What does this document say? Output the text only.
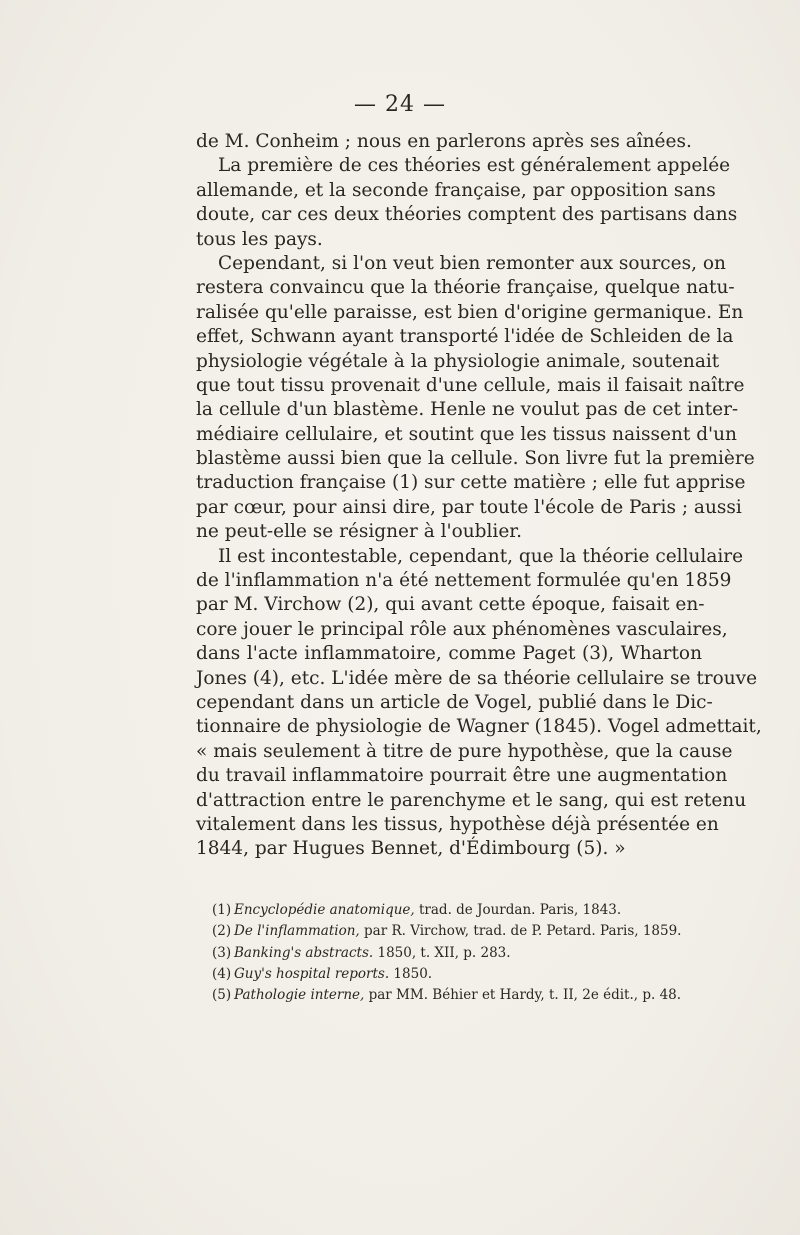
— 24 —
de M. Conheim ; nous en parlerons après ses aînées.
La première de ces théories est généralement appelée
allemande, et la seconde française, par opposition sans
doute, car ces deux théories comptent des partisans dans
tous les pays.
Cependant, si l'on veut bien remonter aux sources, on
restera convaincu que la théorie française, quelque natu-
ralisée qu'elle paraisse, est bien d'origine germanique. En
effet, Schwann ayant transporté l'idée de Schleiden de la
physiologie végétale à la physiologie animale, soutenait
que tout tissu provenait d'une cellule, mais il faisait naître
la cellule d'un blastème. Henle ne voulut pas de cet inter-
médiaire cellulaire, et soutint que les tissus naissent d'un
blastème aussi bien que la cellule. Son livre fut la première
traduction française (1) sur cette matière ; elle fut apprise
par cœur, pour ainsi dire, par toute l'école de Paris ; aussi
ne peut-elle se résigner à l'oublier.
Il est incontestable, cependant, que la théorie cellulaire
de l'inflammation n'a été nettement formulée qu'en 1859
par M. Virchow (2), qui avant cette époque, faisait en-
core jouer le principal rôle aux phénomènes vasculaires,
dans l'acte inflammatoire, comme Paget (3), Wharton
Jones (4), etc. L'idée mère de sa théorie cellulaire se trouve
cependant dans un article de Vogel, publié dans le Dic-
tionnaire de physiologie de Wagner (1845). Vogel admettait,
« mais seulement à titre de pure hypothèse, que la cause
du travail inflammatoire pourrait être une augmentation
d'attraction entre le parenchyme et le sang, qui est retenu
vitalement dans les tissus, hypothèse déjà présentée en
1844, par Hugues Bennet, d'Édimbourg (5). »
(1) Encyclopédie anatomique, trad. de Jourdan. Paris, 1843.
(2) De l'inflammation, par R. Virchow, trad. de P. Petard. Paris, 1859.
(3) Banking's abstracts. 1850, t. XII, p. 283.
(4) Guy's hospital reports. 1850.
(5) Pathologie interne, par MM. Béhier et Hardy, t. II, 2e édit., p. 48.
